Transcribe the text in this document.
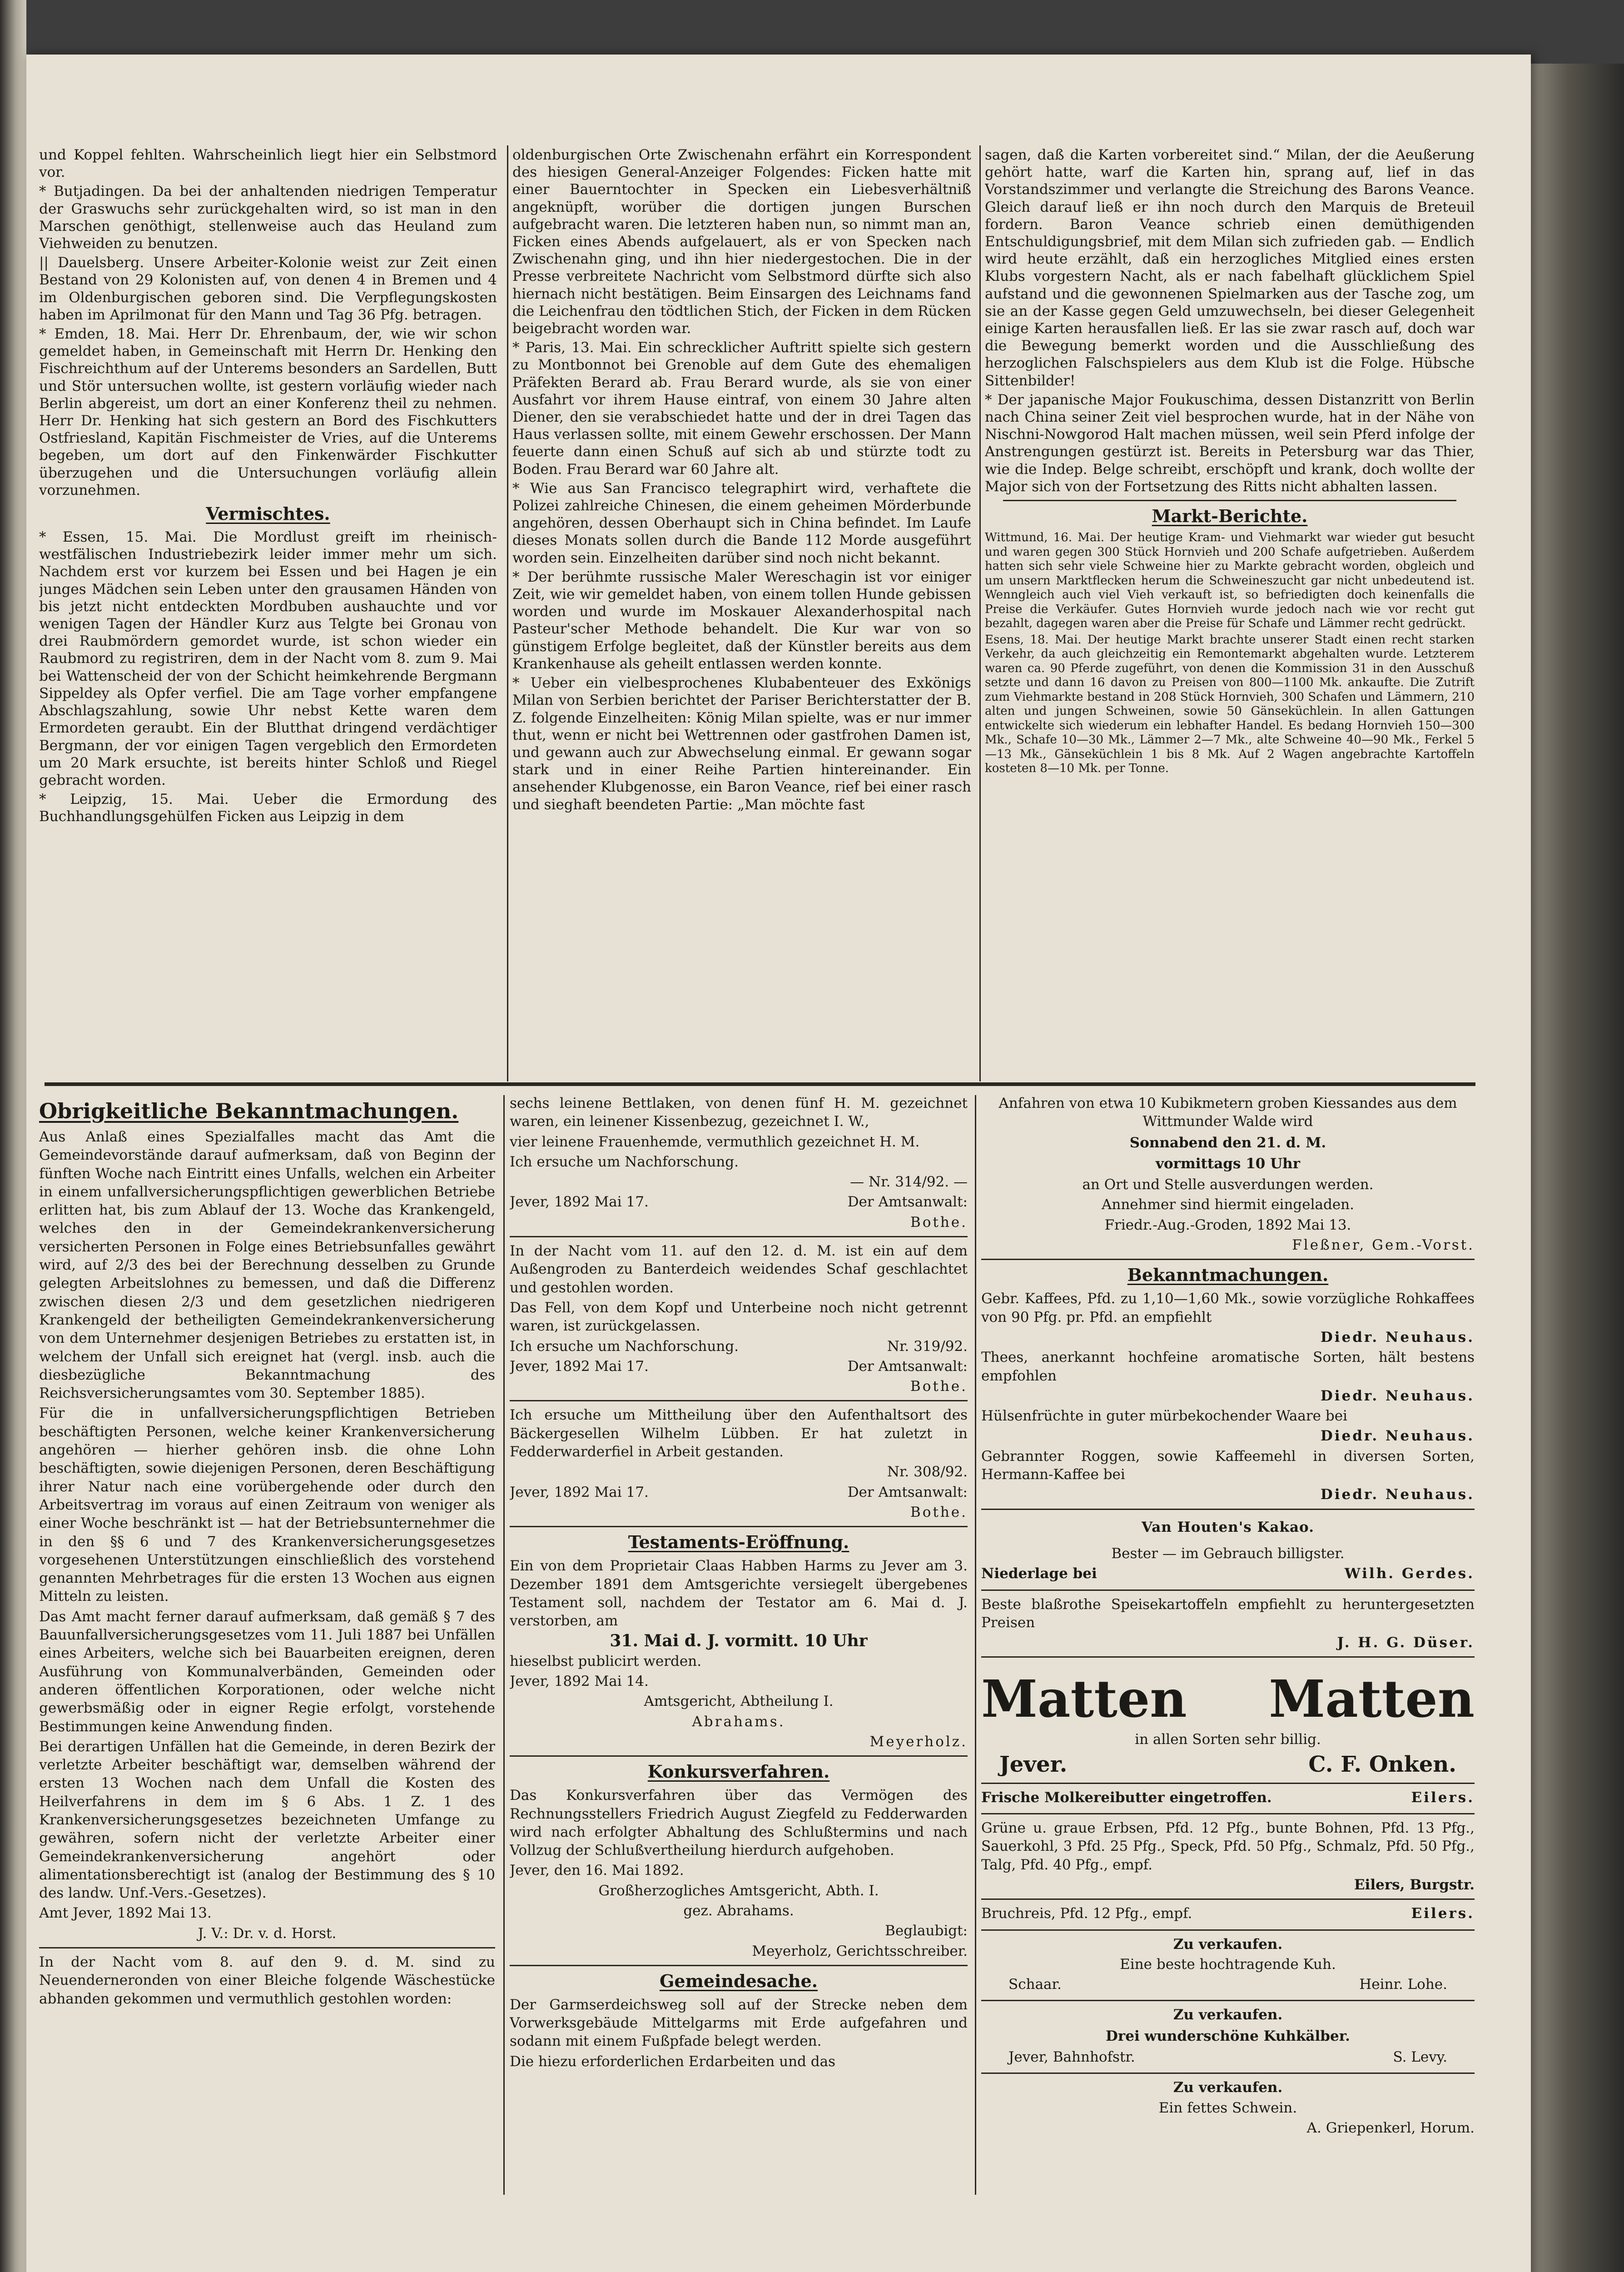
und Koppel fehlten. Wahrscheinlich liegt hier ein Selbstmord vor.

* Butjadingen. Da bei der anhaltenden niedrigen Temperatur der Graswuchs sehr zurückgehalten wird, so ist man in den Marschen genöthigt, stellenweise auch das Heuland zum Viehweiden zu benutzen.

|| Dauelsberg. Unsere Arbeiter-Kolonie weist zur Zeit einen Bestand von 29 Kolonisten auf, von denen 4 in Bremen und 4 im Oldenburgischen geboren sind. Die Verpflegungskosten haben im Aprilmonat für den Mann und Tag 36 Pfg. betragen.

* Emden, 18. Mai. Herr Dr. Ehrenbaum, der, wie wir schon gemeldet haben, in Gemeinschaft mit Herrn Dr. Henking den Fischreichthum auf der Unterems besonders an Sardellen, Butt und Stör untersuchen wollte, ist gestern vorläufig wieder nach Berlin abgereist, um dort an einer Konferenz theil zu nehmen. Herr Dr. Henking hat sich gestern an Bord des Fischkutters Ostfriesland, Kapitän Fischmeister de Vries, auf die Unterems begeben, um dort auf den Finkenwärder Fischkutter überzugehen und die Untersuchungen vorläufig allein vorzunehmen.

Vermischtes.

* Essen, 15. Mai. Die Mordlust greift im rheinisch-westfälischen Industriebezirk leider immer mehr um sich. Nachdem erst vor kurzem bei Essen und bei Hagen je ein junges Mädchen sein Leben unter den grausamen Händen von bis jetzt nicht entdeckten Mordbuben aushauchte und vor wenigen Tagen der Händler Kurz aus Telgte bei Gronau von drei Raubmördern gemordet wurde, ist schon wieder ein Raubmord zu registriren, dem in der Nacht vom 8. zum 9. Mai bei Wattenscheid der von der Schicht heimkehrende Bergmann Sippeldey als Opfer verfiel. Die am Tage vorher empfangene Abschlagszahlung, sowie Uhr nebst Kette waren dem Ermordeten geraubt. Ein der Blutthat dringend verdächtiger Bergmann, der vor einigen Tagen vergeblich den Ermordeten um 20 Mark ersuchte, ist bereits hinter Schloß und Riegel gebracht worden.

* Leipzig, 15. Mai. Ueber die Ermordung des Buchhandlungsgehülfen Ficken aus Leipzig in dem

oldenburgischen Orte Zwischenahn erfährt ein Korrespondent des hiesigen General-Anzeiger Folgendes: Ficken hatte mit einer Bauerntochter in Specken ein Liebesverhältniß angeknüpft, worüber die dortigen jungen Burschen aufgebracht waren. Die letzteren haben nun, so nimmt man an, Ficken eines Abends aufgelauert, als er von Specken nach Zwischenahn ging, und ihn hier niedergestochen. Die in der Presse verbreitete Nachricht vom Selbstmord dürfte sich also hiernach nicht bestätigen. Beim Einsargen des Leichnams fand die Leichenfrau den tödtlichen Stich, der Ficken in dem Rücken beigebracht worden war.

* Paris, 13. Mai. Ein schrecklicher Auftritt spielte sich gestern zu Montbonnot bei Grenoble auf dem Gute des ehemaligen Präfekten Berard ab. Frau Berard wurde, als sie von einer Ausfahrt vor ihrem Hause eintraf, von einem 30 Jahre alten Diener, den sie verabschiedet hatte und der in drei Tagen das Haus verlassen sollte, mit einem Gewehr erschossen. Der Mann feuerte dann einen Schuß auf sich ab und stürzte todt zu Boden. Frau Berard war 60 Jahre alt.

* Wie aus San Francisco telegraphirt wird, verhaftete die Polizei zahlreiche Chinesen, die einem geheimen Mörderbunde angehören, dessen Oberhaupt sich in China befindet. Im Laufe dieses Monats sollen durch die Bande 112 Morde ausgeführt worden sein. Einzelheiten darüber sind noch nicht bekannt.

* Der berühmte russische Maler Wereschagin ist vor einiger Zeit, wie wir gemeldet haben, von einem tollen Hunde gebissen worden und wurde im Moskauer Alexanderhospital nach Pasteur'scher Methode behandelt. Die Kur war von so günstigem Erfolge begleitet, daß der Künstler bereits aus dem Krankenhause als geheilt entlassen werden konnte.

* Ueber ein vielbesprochenes Klubabenteuer des Exkönigs Milan von Serbien berichtet der Pariser Berichterstatter der B. Z. folgende Einzelheiten: König Milan spielte, was er nur immer thut, wenn er nicht bei Wettrennen oder gastfrohen Damen ist, und gewann auch zur Abwechselung einmal. Er gewann sogar stark und in einer Reihe Partien hintereinander. Ein ansehender Klubgenosse, ein Baron Veance, rief bei einer rasch und sieghaft beendeten Partie: „Man möchte fast

sagen, daß die Karten vorbereitet sind.“ Milan, der die Aeußerung gehört hatte, warf die Karten hin, sprang auf, lief in das Vorstandszimmer und verlangte die Streichung des Barons Veance. Gleich darauf ließ er ihn noch durch den Marquis de Breteuil fordern. Baron Veance schrieb einen demüthigenden Entschuldigungsbrief, mit dem Milan sich zufrieden gab. — Endlich wird heute erzählt, daß ein herzogliches Mitglied eines ersten Klubs vorgestern Nacht, als er nach fabelhaft glücklichem Spiel aufstand und die gewonnenen Spielmarken aus der Tasche zog, um sie an der Kasse gegen Geld umzuwechseln, bei dieser Gelegenheit einige Karten herausfallen ließ. Er las sie zwar rasch auf, doch war die Bewegung bemerkt worden und die Ausschließung des herzoglichen Falschspielers aus dem Klub ist die Folge. Hübsche Sittenbilder!

* Der japanische Major Foukuschima, dessen Distanzritt von Berlin nach China seiner Zeit viel besprochen wurde, hat in der Nähe von Nischni-Nowgorod Halt machen müssen, weil sein Pferd infolge der Anstrengungen gestürzt ist. Bereits in Petersburg war das Thier, wie die Indep. Belge schreibt, erschöpft und krank, doch wollte der Major sich von der Fortsetzung des Ritts nicht abhalten lassen.

Markt-Berichte.

Wittmund, 16. Mai. Der heutige Kram- und Viehmarkt war wieder gut besucht und waren gegen 300 Stück Hornvieh und 200 Schafe aufgetrieben. Außerdem hatten sich sehr viele Schweine hier zu Markte gebracht worden, obgleich und um unsern Marktflecken herum die Schweineszucht gar nicht unbedeutend ist. Wenngleich auch viel Vieh verkauft ist, so befriedigten doch keinenfalls die Preise die Verkäufer. Gutes Hornvieh wurde jedoch nach wie vor recht gut bezahlt, dagegen waren aber die Preise für Schafe und Lämmer recht gedrückt.

Esens, 18. Mai. Der heutige Markt brachte unserer Stadt einen recht starken Verkehr, da auch gleichzeitig ein Remontemarkt abgehalten wurde. Letzterem waren ca. 90 Pferde zugeführt, von denen die Kommission 31 in den Ausschuß setzte und dann 16 davon zu Preisen von 800—1100 Mk. ankaufte. Die Zutrift zum Viehmarkte bestand in 208 Stück Hornvieh, 300 Schafen und Lämmern, 210 alten und jungen Schweinen, sowie 50 Gänseküchlein. In allen Gattungen entwickelte sich wiederum ein lebhafter Handel. Es bedang Hornvieh 150—300 Mk., Schafe 10—30 Mk., Lämmer 2—7 Mk., alte Schweine 40—90 Mk., Ferkel 5—13 Mk., Gänseküchlein 1 bis 8 Mk. Auf 2 Wagen angebrachte Kartoffeln kosteten 8—10 Mk. per Tonne.

Obrigkeitliche Bekanntmachungen.

Aus Anlaß eines Spezialfalles macht das Amt die Gemeindevorstände darauf aufmerksam, daß von Beginn der fünften Woche nach Eintritt eines Unfalls, welchen ein Arbeiter in einem unfallversicherungspflichtigen gewerblichen Betriebe erlitten hat, bis zum Ablauf der 13. Woche das Krankengeld, welches den in der Gemeindekrankenversicherung versicherten Personen in Folge eines Betriebsunfalles gewährt wird, auf 2/3 des bei der Berechnung desselben zu Grunde gelegten Arbeitslohnes zu bemessen, und daß die Differenz zwischen diesen 2/3 und dem gesetzlichen niedrigeren Krankengeld der betheiligten Gemeindekrankenversicherung von dem Unternehmer desjenigen Betriebes zu erstatten ist, in welchem der Unfall sich ereignet hat (vergl. insb. auch die diesbezügliche Bekanntmachung des Reichsversicherungsamtes vom 30. September 1885).

Für die in unfallversicherungspflichtigen Betrieben beschäftigten Personen, welche keiner Krankenversicherung angehören — hierher gehören insb. die ohne Lohn beschäftigten, sowie diejenigen Personen, deren Beschäftigung ihrer Natur nach eine vorübergehende oder durch den Arbeitsvertrag im voraus auf einen Zeitraum von weniger als einer Woche beschränkt ist — hat der Betriebsunternehmer die in den §§ 6 und 7 des Krankenversicherungsgesetzes vorgesehenen Unterstützungen einschließlich des vorstehend genannten Mehrbetrages für die ersten 13 Wochen aus eignen Mitteln zu leisten.

Das Amt macht ferner darauf aufmerksam, daß gemäß § 7 des Bauunfallversicherungsgesetzes vom 11. Juli 1887 bei Unfällen eines Arbeiters, welche sich bei Bauarbeiten ereignen, deren Ausführung von Kommunalverbänden, Gemeinden oder anderen öffentlichen Korporationen, oder welche nicht gewerbsmäßig oder in eigner Regie erfolgt, vorstehende Bestimmungen keine Anwendung finden.

Bei derartigen Unfällen hat die Gemeinde, in deren Bezirk der verletzte Arbeiter beschäftigt war, demselben während der ersten 13 Wochen nach dem Unfall die Kosten des Heilverfahrens in dem im § 6 Abs. 1 Z. 1 des Krankenversicherungsgesetzes bezeichneten Umfange zu gewähren, sofern nicht der verletzte Arbeiter einer Gemeindekrankenversicherung angehört oder alimentationsberechtigt ist (analog der Bestimmung des § 10 des landw. Unf.-Vers.-Gesetzes).

Amt Jever, 1892 Mai 13.

J. V.: Dr. v. d. Horst.

In der Nacht vom 8. auf den 9. d. M. sind zu Neuenderneronden von einer Bleiche folgende Wäschestücke abhanden gekommen und vermuthlich gestohlen worden:

sechs leinene Bettlaken, von denen fünf H. M. gezeichnet waren, ein leinener Kissenbezug, gezeichnet I. W.,

vier leinene Frauenhemde, vermuthlich gezeichnet H. M.

Ich ersuche um Nachforschung.

— Nr. 314/92. —

Jever, 1892 Mai 17.	Der Amtsanwalt:

Bothe.

In der Nacht vom 11. auf den 12. d. M. ist ein auf dem Außengroden zu Banterdeich weidendes Schaf geschlachtet und gestohlen worden.

Das Fell, von dem Kopf und Unterbeine noch nicht getrennt waren, ist zurückgelassen.

Ich ersuche um Nachforschung.	Nr. 319/92.

Jever, 1892 Mai 17.	Der Amtsanwalt:

Bothe.

Ich ersuche um Mittheilung über den Aufenthaltsort des Bäckergesellen Wilhelm Lübben. Er hat zuletzt in Fedderwarderfiel in Arbeit gestanden.

Nr. 308/92.

Jever, 1892 Mai 17.	Der Amtsanwalt:

Bothe.

Testaments-Eröffnung.

Ein von dem Proprietair Claas Habben Harms zu Jever am 3. Dezember 1891 dem Amtsgerichte versiegelt übergebenes Testament soll, nachdem der Testator am 6. Mai d. J. verstorben, am

31. Mai d. J. vormitt. 10 Uhr

hieselbst publicirt werden.

Jever, 1892 Mai 14.

Amtsgericht, Abtheilung I.

Abrahams.

Meyerholz.

Konkursverfahren.

Das Konkursverfahren über das Vermögen des Rechnungsstellers Friedrich August Ziegfeld zu Fedderwarden wird nach erfolgter Abhaltung des Schlußtermins und nach Vollzug der Schlußvertheilung hierdurch aufgehoben.

Jever, den 16. Mai 1892.

Großherzogliches Amtsgericht, Abth. I.

gez. Abrahams.

Beglaubigt:

Meyerholz, Gerichtsschreiber.

Gemeindesache.

Der Garmserdeichsweg soll auf der Strecke neben dem Vorwerksgebäude Mittelgarms mit Erde aufgefahren und sodann mit einem Fußpfade belegt werden.

Die hiezu erforderlichen Erdarbeiten und das

Anfahren von etwa 10 Kubikmetern groben Kiessandes aus dem Wittmunder Walde wird

Sonnabend den 21. d. M.

vormittags 10 Uhr

an Ort und Stelle ausverdungen werden.

Annehmer sind hiermit eingeladen.

Friedr.-Aug.-Groden, 1892 Mai 13.

Fleßner, Gem.-Vorst.

Bekanntmachungen.

Gebr. Kaffees, Pfd. zu 1,10—1,60 Mk., sowie vorzügliche Rohkaffees von 90 Pfg. pr. Pfd. an empfiehlt

Diedr. Neuhaus.

Thees, anerkannt hochfeine aromatische Sorten, hält bestens empfohlen

Diedr. Neuhaus.

Hülsenfrüchte in guter mürbekochender Waare bei

Diedr. Neuhaus.

Gebrannter Roggen, sowie Kaffeemehl in diversen Sorten, Hermann-Kaffee bei

Diedr. Neuhaus.

Van Houten's Kakao.

Bester — im Gebrauch billigster.

Niederlage bei	Wilh. Gerdes.

Beste blaßrothe Speisekartoffeln empfiehlt zu heruntergesetzten Preisen

J. H. G. Düser.

Matten Matten

in allen Sorten sehr billig.

Jever.	C. F. Onken.

Frische Molkereibutter eingetroffen.	Eilers.

Grüne u. graue Erbsen, Pfd. 12 Pfg., bunte Bohnen, Pfd. 13 Pfg., Sauerkohl, 3 Pfd. 25 Pfg., Speck, Pfd. 50 Pfg., Schmalz, Pfd. 50 Pfg., Talg, Pfd. 40 Pfg., empf.

Eilers, Burgstr.

Bruchreis, Pfd. 12 Pfg., empf.	Eilers.

Zu verkaufen.

Eine beste hochtragende Kuh.

Schaar.	Heinr. Lohe.

Zu verkaufen.

Drei wunderschöne Kuhkälber.

Jever, Bahnhofstr.	S. Levy.

Zu verkaufen.

Ein fettes Schwein.

A. Griepenkerl, Horum.
